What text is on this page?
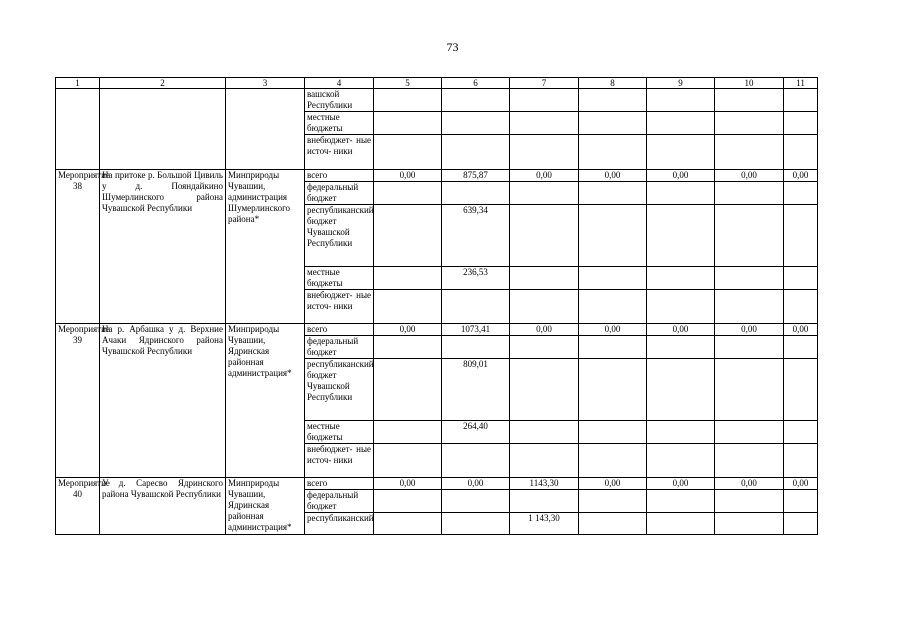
73
1	2	3	4	5	6	7	8	9	10	11
			вашской Республики							
			местные бюджеты							
			внебюджет- ные источ- ники							
Мероприятие 38	На притоке р. Большой Цивиль у д. Пояндайкино Шумерлинского района Чувашской Республики	Минприроды Чувашии, администрация Шумерлинского района*	всего	0,00	875,87	0,00	0,00	0,00	0,00	0,00
			федеральный бюджет							
			республиканский бюджет Чувашской Республики		639,34					
			местные бюджеты		236,53					
			внебюджет- ные источ- ники							
Мероприятие 39	На р. Арбашка у д. Верхние Ачаки Ядринского района Чувашской Республики	Минприроды Чувашии, Ядринская районная администрация*	всего	0,00	1073,41	0,00	0,00	0,00	0,00	0,00
			федеральный бюджет							
			республиканский бюджет Чувашской Республики		809,01					
			местные бюджеты		264,40					
			внебюджет- ные источ- ники							
Мероприятие 40	У д. Саресво Ядринского района Чувашской Республики	Минприроды Чувашии, Ядринская районная администрация*	всего	0,00	0,00	1143,30	0,00	0,00	0,00	0,00
			федеральный бюджет							
			республиканский			1 143,30				
